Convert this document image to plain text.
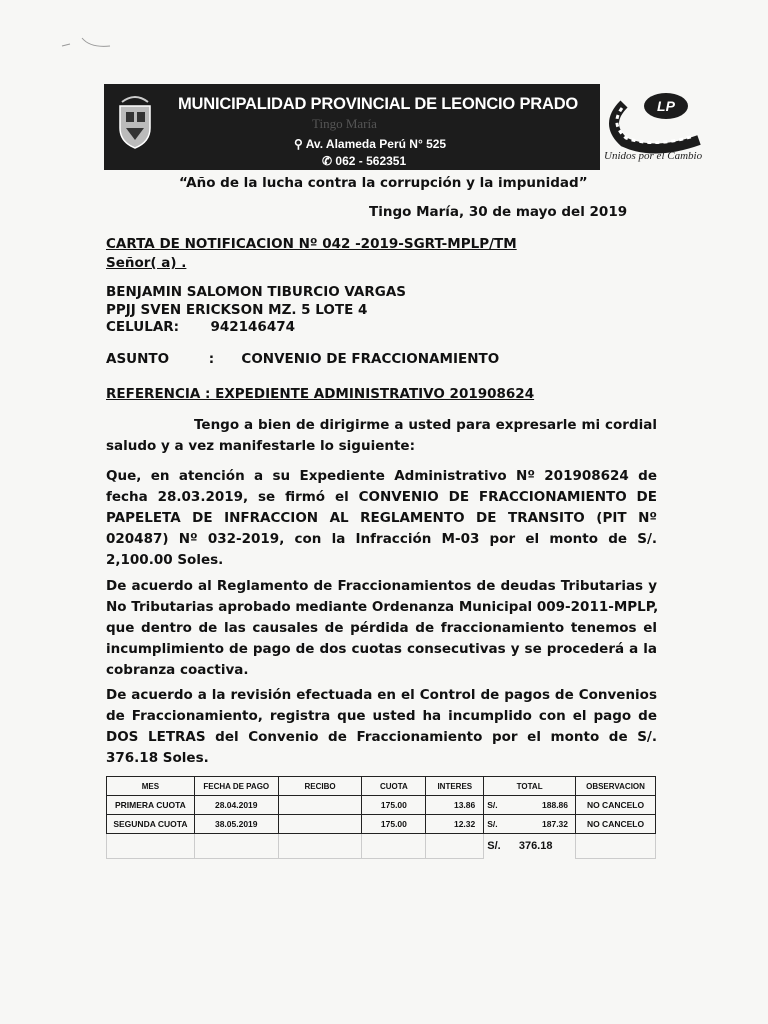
MUNICIPALIDAD PROVINCIAL DE LEONCIO PRADO
Tingo María
⚲ Av. Alameda Perú N° 525
✆ 062 - 562351
LP
Unidos por el Cambio
“Año de la lucha contra la corrupción y la impunidad”
Tingo María, 30 de mayo del 2019
CARTA DE NOTIFICACION Nº 042 -2019-SGRT-MPLP/TM
Señor( a) .
BENJAMIN SALOMON TIBURCIO VARGAS
PPJJ SVEN ERICKSON MZ. 5 LOTE 4
CELULAR: 942146474
ASUNTO	: CONVENIO DE FRACCIONAMIENTO
REFERENCIA : EXPEDIENTE ADMINISTRATIVO 201908624
Tengo a bien de dirigirme a usted para expresarle mi cordial
saludo y a vez manifestarle lo siguiente:
Que, en atención a su Expediente Administrativo Nº 201908624 de
fecha 28.03.2019, se firmó el CONVENIO DE FRACCIONAMIENTO DE
PAPELETA DE INFRACCION AL REGLAMENTO DE TRANSITO (PIT Nº
020487) Nº 032-2019, con la Infracción M-03 por el monto de S/.
2,100.00 Soles.
De acuerdo al Reglamento de Fraccionamientos de deudas Tributarias y
No Tributarias aprobado mediante Ordenanza Municipal 009-2011-MPLP,
que dentro de las causales de pérdida de fraccionamiento tenemos el
incumplimiento de pago de dos cuotas consecutivas y se procederá a la
cobranza coactiva.
De acuerdo a la revisión efectuada en el Control de pagos de Convenios
de Fraccionamiento, registra que usted ha incumplido con el pago de
DOS LETRAS del Convenio de Fraccionamiento por el monto de S/.
376.18 Soles.
MES	FECHA DE PAGO	RECIBO	CUOTA	INTERES	TOTAL	OBSERVACION
PRIMERA CUOTA	28.04.2019		175.00	13.86	S/. 188.86	NO CANCELO
SEGUNDA CUOTA	38.05.2019		175.00	12.32	S/. 187.32	NO CANCELO
					S/. 376.18	
